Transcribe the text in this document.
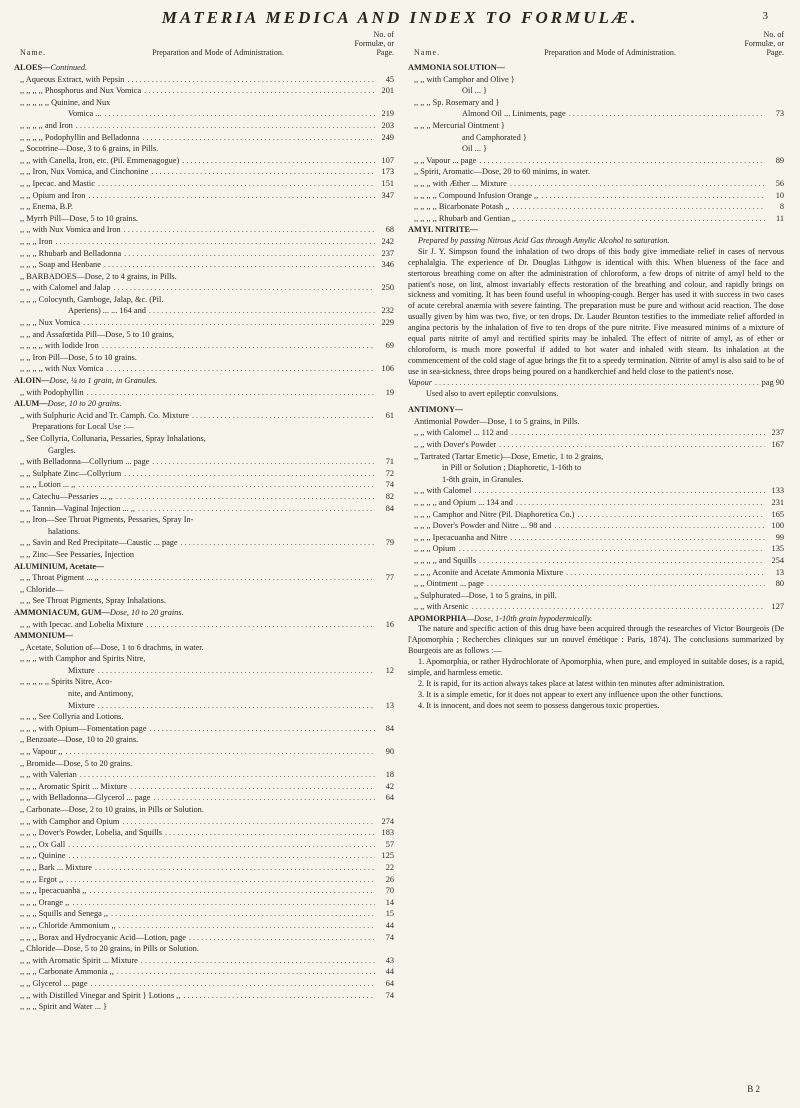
MATERIA MEDICA AND INDEX TO FORMULÆ.	3
Name.	Preparation and Mode of Administration.
No. of Formulæ, or Page.
ALOES—Continued.
,, Aqueous Extract, with Pepsin .....	45
,, ,, ,, ,, Phosphorus and Nux Vomica .....	201
,, ,, ,, ,, ,, Quinine, and Nux
Vomica ... .....	219
,, ,, ,, ,, and Iron .....	203
,, ,, ,, ,, Podophyllin and Belladonna .....	249
,, Socotrine—Dose, 3 to 6 grains, in Pills.
,, ,, with Canella, Iron, etc. (Pil. Emmenagogue) .....	107
,, ,, Iron, Nux Vomica, and Cinchonine .....	173
,, ,, Ipecac. and Mastic .....	151
,, ,, Opium and Iron .....	347
,, ,, Enema, B.P.
,, Myrrh Pill—Dose, 5 to 10 grains.
,, ,, with Nux Vomica and Iron .....	68
,, ,, ,, Iron .....	242
,, ,, ,, Rhubarb and Belladonna .....	237
,, ,, ,, Soap and Henbane .....	346
,, BARBADOES—Dose, 2 to 4 grains, in Pills.
,, ,, with Calomel and Jalap .....	250
,, ,, ,, Colocynth, Gamboge, Jalap, &c. (Pil.
Aperiens) ... ... 164 and .....	232
,, ,, ,, Nux Vomica .....	229
,, ,, and Assafœtida Pill—Dose, 5 to 10 grains,
,, ,, ,, ,, with Iodide Iron .....	69
,, ,, Iron Pill—Dose, 5 to 10 grains.
,, ,, ,, ,, with Nux Vomica .....	106
ALOIN—Dose, ¼ to 1 grain, in Granules.
,, with Podophyllin .....	19
ALUM—Dose, 10 to 20 grains.
,, with Sulphuric Acid and Tr. Camph. Co. Mixture .....	61
Preparations for Local Use :—
,, See Collyria, Collunaria, Pessaries, Spray Inhalations,
Gargles.
,, with Belladonna—Collyrium ... page .....	71
,, ,, Sulphate Zinc—Collyrium .....	72
,, ,, ,, Lotion ... ,, .....	74
,, ,, Catechu—Pessaries ... ,, .....	82
,, ,, Tannin—Vaginal Injection ... ,, .....	84
,, ,, Iron—See Throat Pigments, Pessaries, Spray In-
halations.
,, ,, Savin and Red Precipitate—Caustic ... page .....	79
,, ,, Zinc—See Pessaries, Injection
ALUMINIUM, Acetate—
,, ,, Throat Pigment ... ,, .....	77
,, Chloride—
,, ,, See Throat Pigments, Spray Inhalations.
AMMONIACUM, GUM—Dose, 10 to 20 grains.
,, ,, with Ipecac. and Lobelia Mixture .....	16
AMMONIUM—
,, Acetate, Solution of—Dose, 1 to 6 drachms, in water.
,, ,, ,, with Camphor and Spirits Nitre,
Mixture .....	12
,, ,, ,, ,, ,, Spirits Nitre, Aco-
nite, and Antimony,
Mixture .....	13
,, ,, ,, See Collyria and Lotions.
,, ,, ,, with Opium—Fomentation page .....	84
,, Benzoate—Dose, 10 to 20 grains.
,, ,, Vapour ,, .....	90
,, Bromide—Dose, 5 to 20 grains.
,, ,, with Valerian .....	18
,, ,, ,, Aromatic Spirit ... Mixture .....	42
,, ,, with Belladonna—Glycerol ... page .....	64
,, Carbonate—Dose, 2 to 10 grains, in Pills or Solution.
,, ,, with Camphor and Opium .....	274
,, ,, ,, Dover's Powder, Lobelia, and Squills .....	183
,, ,, ,, Ox Gall .....	57
,, ,, ,, Quinine .....	125
,, ,, ,, Bark ... Mixture .....	22
,, ,, ,, Ergot ,, .....	26
,, ,, ,, Ipecacuanha ,, .....	70
,, ,, ,, Orange ,, .....	14
,, ,, ,, Squills and Senega ,, .....	15
,, ,, ,, Chloride Ammonium ,, .....	44
,, ,, ,, Borax and Hydrocyanic Acid—Lotion, page .....	74
,, Chloride—Dose, 5 to 20 grains, in Pills or Solution.
,, ,, with Aromatic Spirit ... Mixture .....	43
,, ,, ,, Carbonate Ammonia ,, .....	44
,, ,, Glycerol ... page .....	64
,, ,, with Distilled Vinegar and Spirit } Lotions ,, .....	74
,, ,, ,, Spirit and Water ... }
Name.	Preparation and Mode of Administration.
No. of Formulæ, or Page.
AMMONIA SOLUTION—
,, ,, with Camphor and Olive }
Oil ... }
,, ,, ,, Sp. Rosemary and }
Almond Oil ... Liniments, page .....	73
,, ,, ,, Mercurial Ointment }
and Camphorated }
Oil ... }
,, ,, Vapour ... page .....	89
,, Spirit, Aromatic—Dose, 20 to 60 minims, in water.
,, ,, ,, with Æther ... Mixture .....	56
,, ,, ,, ,, Compound Infusion Orange ,, .....	10
,, ,, ,, ,, Bicarbonate Potash ,, .....	8
,, ,, ,, ,, Rhubarb and Gentian ,, .....	11
AMYL NITRITE—

Prepared by passing Nitrous Acid Gas through Amylic Alcohol to saturation.

Sir J. Y. Simpson found the inhalation of two drops of this body give immediate relief in cases of nervous cephalalgia. The experience of Dr. Douglas Lithgow is identical with this. When blueness of the face and stertorous breathing come on after the administration of chloroform, a few drops of nitrite of amyl held to the patient's nose, on lint, almost invariably effects restoration of the breathing and colour, and rapidly brings on sickness and vomiting. It has been found useful in whooping-cough. Berger has used it with success in two cases of acute cerebral anæmia with severe fainting. The preparation must be pure and without acid reaction. The dose usually given by him was two, five, or ten drops. Dr. Lauder Brunton testifies to the immediate relief afforded in angina pectoris by the inhalation of five to ten drops of the pure nitrite. Five measured minims of a mixture of equal parts nitrite of amyl and rectified spirits may be inhaled. The effect of nitrite of amyl, as of ether or chloroform, is much more powerful if added to hot water and inhaled with steam. Its inhalation at the commencement of the cold stage of ague brings the fit to a speedy termination. Nitrite of amyl is also said to be of use in sea-sickness, three drops being poured on a handkerchief and held close to the patient's nose.

Vapour .....	pag 90

Used also to avert epileptic convulsions.

ANTIMONY—
Antimonial Powder—Dose, 1 to 5 grains, in Pills.
,, ,, with Calomel ... 112 and .....	237
,, ,, with Dover's Powder .....	167
,, Tartrated (Tartar Emetic)—Dose, Emetic, 1 to 2 grains,
in Pill or Solution ; Diaphoretic, 1-16th to
1-8th grain, in Granules.
,, ,, with Calomel .....	133
,, ,, ,, ,, and Opium ... 134 and .....	231
,, ,, ,, Camphor and Nitre (Pil. Diaphoretica Co.) .....	165
,, ,, ,, Dover's Powder and Nitre ... 98 and .....	100
,, ,, ,, Ipecacuanha and Nitre .....	99
,, ,, ,, Opium .....	135
,, ,, ,, ,, and Squills .....	254
,, ,, ,, Aconite and Acetate Ammonia Mixture .....	13
,, ,, Ointment ... page .....	80
,, Sulphurated—Dose, 1 to 5 grains, in pill.
,, ,, with Arsenic .....	127
APOMORPHIA—Dose, 1-10th grain hypodermically.

The nature and specific action of this drug have been acquired through the researches of Victor Bourgeois (De l'Apomorphia ; Recherches cliniques sur un nouvel émétique : Paris, 1874). The conclusions summarized by Bourgeois are as follows :—

1. Apomorphia, or rather Hydrochlorate of Apomorphia, when pure, and employed in suitable doses, is a rapid, simple, and harmless emetic.

2. It is rapid, for its action always takes place at latest within ten minutes after administration.

3. It is a simple emetic, for it does not appear to exert any influence upon the other functions.

4. It is innocent, and does not seem to possess dangerous toxic properties.

B 2
